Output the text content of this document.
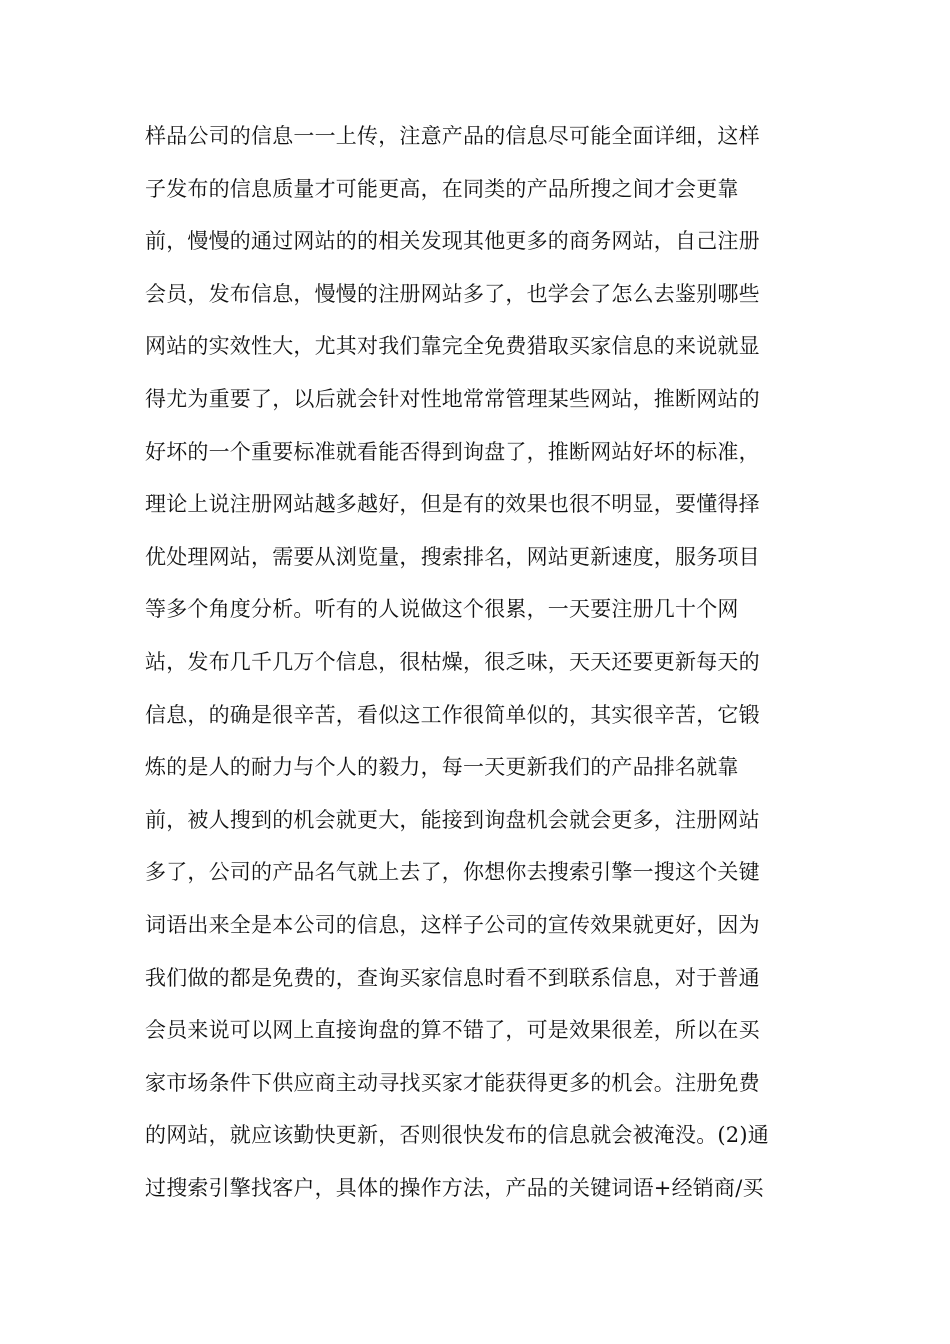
样品公司的信息一一上传，注意产品的信息尽可能全面详细，这样
子发布的信息质量才可能更高，在同类的产品所搜之间才会更靠
前，慢慢的通过网站的的相关发现其他更多的商务网站，自己注册
会员，发布信息，慢慢的注册网站多了，也学会了怎么去鉴别哪些
网站的实效性大，尤其对我们靠完全免费猎取买家信息的来说就显
得尤为重要了，以后就会针对性地常常管理某些网站，推断网站的
好坏的一个重要标准就看能否得到询盘了，推断网站好坏的标准，
理论上说注册网站越多越好，但是有的效果也很不明显，要懂得择
优处理网站，需要从浏览量，搜索排名，网站更新速度，服务项目
等多个角度分析。听有的人说做这个很累，一天要注册几十个网
站，发布几千几万个信息，很枯燥，很乏味，天天还要更新每天的
信息，的确是很辛苦，看似这工作很简单似的，其实很辛苦，它锻
炼的是人的耐力与个人的毅力，每一天更新我们的产品排名就靠
前，被人搜到的机会就更大，能接到询盘机会就会更多，注册网站
多了，公司的产品名气就上去了，你想你去搜索引擎一搜这个关键
词语出来全是本公司的信息，这样子公司的宣传效果就更好，因为
我们做的都是免费的，查询买家信息时看不到联系信息，对于普通
会员来说可以网上直接询盘的算不错了，可是效果很差，所以在买
家市场条件下供应商主动寻找买家才能获得更多的机会。注册免费
的网站，就应该勤快更新，否则很快发布的信息就会被淹没。(2)通
过搜索引擎找客户，具体的操作方法，产品的关键词语+经销商/买
